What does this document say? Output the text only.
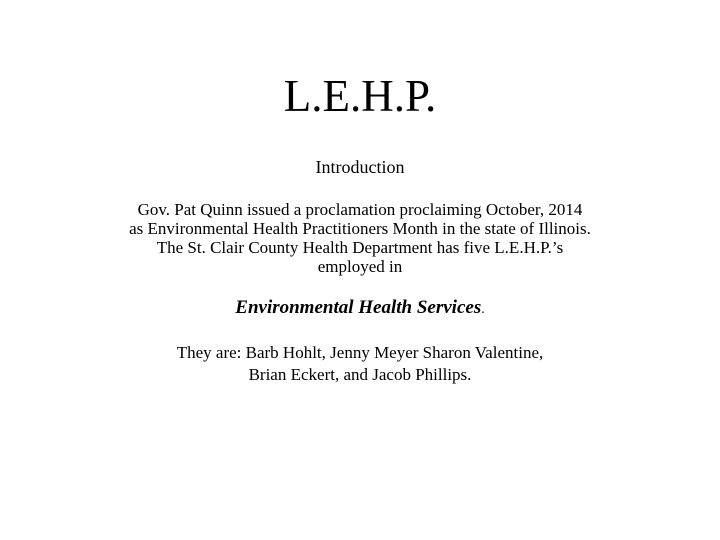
L.E.H.P.

Introduction

Gov. Pat Quinn issued a proclamation proclaiming October, 2014
as Environmental Health Practitioners Month in the state of Illinois.
The St. Clair County Health Department has five L.E.H.P.’s
employed in

Environmental Health Services.

They are: Barb Hohlt, Jenny Meyer Sharon Valentine,
Brian Eckert, and Jacob Phillips.
